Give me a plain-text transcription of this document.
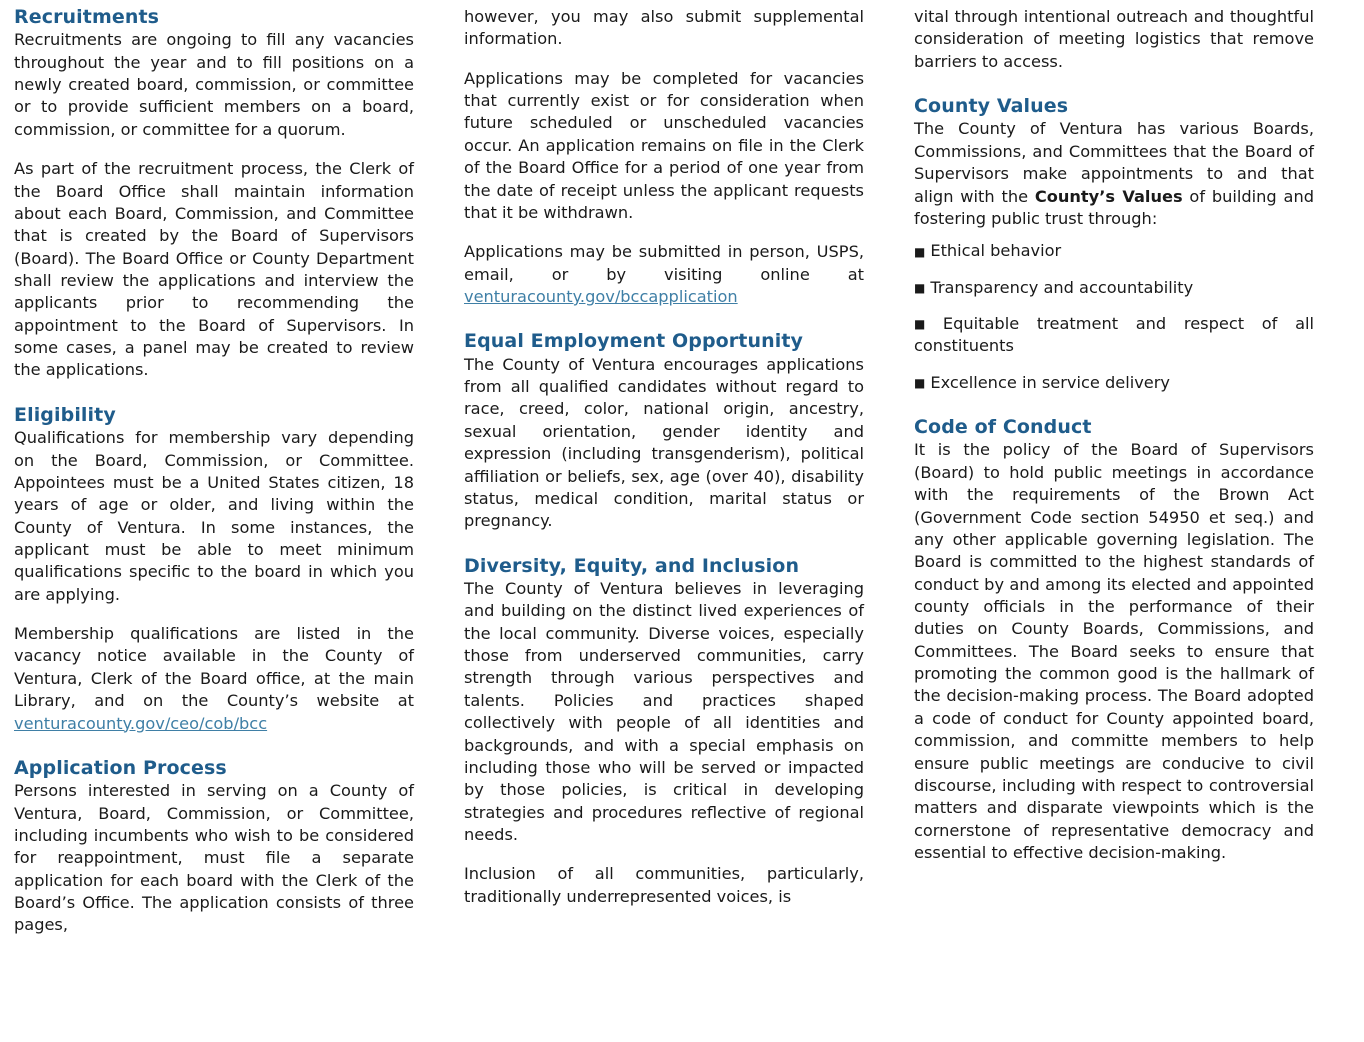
Recruitments

Recruitments are ongoing to fill any vacancies throughout the year and to fill positions on a newly created board, commission, or committee or to provide sufficient members on a board, commission, or committee for a quorum.

As part of the recruitment process, the Clerk of the Board Office shall maintain information about each Board, Commission, and Committee that is created by the Board of Supervisors (Board). The Board Office or County Department shall review the applications and interview the applicants prior to recommending the appointment to the Board of Supervisors. In some cases, a panel may be created to review the applications.

Eligibility

Qualifications for membership vary depending on the Board, Commission, or Committee. Appointees must be a United States citizen, 18 years of age or older, and living within the County of Ventura. In some instances, the applicant must be able to meet minimum qualifications specific to the board in which you are applying.

Membership qualifications are listed in the vacancy notice available in the County of Ventura, Clerk of the Board office, at the main Library, and on the County’s website at venturacounty.gov/ceo/cob/bcc

Application Process

Persons interested in serving on a County of Ventura, Board, Commission, or Committee, including incumbents who wish to be considered for reappointment, must file a separate application for each board with the Clerk of the Board’s Office. The application consists of three pages,

however, you may also submit supplemental information.

Applications may be completed for vacancies that currently exist or for consideration when future scheduled or unscheduled vacancies occur. An application remains on file in the Clerk of the Board Office for a period of one year from the date of receipt unless the applicant requests that it be withdrawn.

Applications may be submitted in person, USPS, email, or by visiting online at venturacounty.gov/bccapplication

Equal Employment Opportunity

The County of Ventura encourages applications from all qualified candidates without regard to race, creed, color, national origin, ancestry, sexual orientation, gender identity and expression (including transgenderism), political affiliation or beliefs, sex, age (over 40), disability status, medical condition, marital status or pregnancy.

Diversity, Equity, and Inclusion

The County of Ventura believes in leveraging and building on the distinct lived experiences of the local community. Diverse voices, especially those from underserved communities, carry strength through various perspectives and talents. Policies and practices shaped collectively with people of all identities and backgrounds, and with a special emphasis on including those who will be served or impacted by those policies, is critical in developing strategies and procedures reflective of regional needs.

Inclusion of all communities, particularly, traditionally underrepresented voices, is

vital through intentional outreach and thoughtful consideration of meeting logistics that remove barriers to access.

County Values

The County of Ventura has various Boards, Commissions, and Committees that the Board of Supervisors make appointments to and that align with the County’s Values of building and fostering public trust through:

■ Ethical behavior
■ Transparency and accountability
■ Equitable treatment and respect of all constituents
■ Excellence in service delivery
Code of Conduct

It is the policy of the Board of Supervisors (Board) to hold public meetings in accordance with the requirements of the Brown Act (Government Code section 54950 et seq.) and any other applicable governing legislation. The Board is committed to the highest standards of conduct by and among its elected and appointed county officials in the performance of their duties on County Boards, Commissions, and Committees. The Board seeks to ensure that promoting the common good is the hallmark of the decision-making process. The Board adopted a code of conduct for County appointed board, commission, and committe members to help ensure public meetings are conducive to civil discourse, including with respect to controversial matters and disparate viewpoints which is the cornerstone of representative democracy and essential to effective decision-making.
